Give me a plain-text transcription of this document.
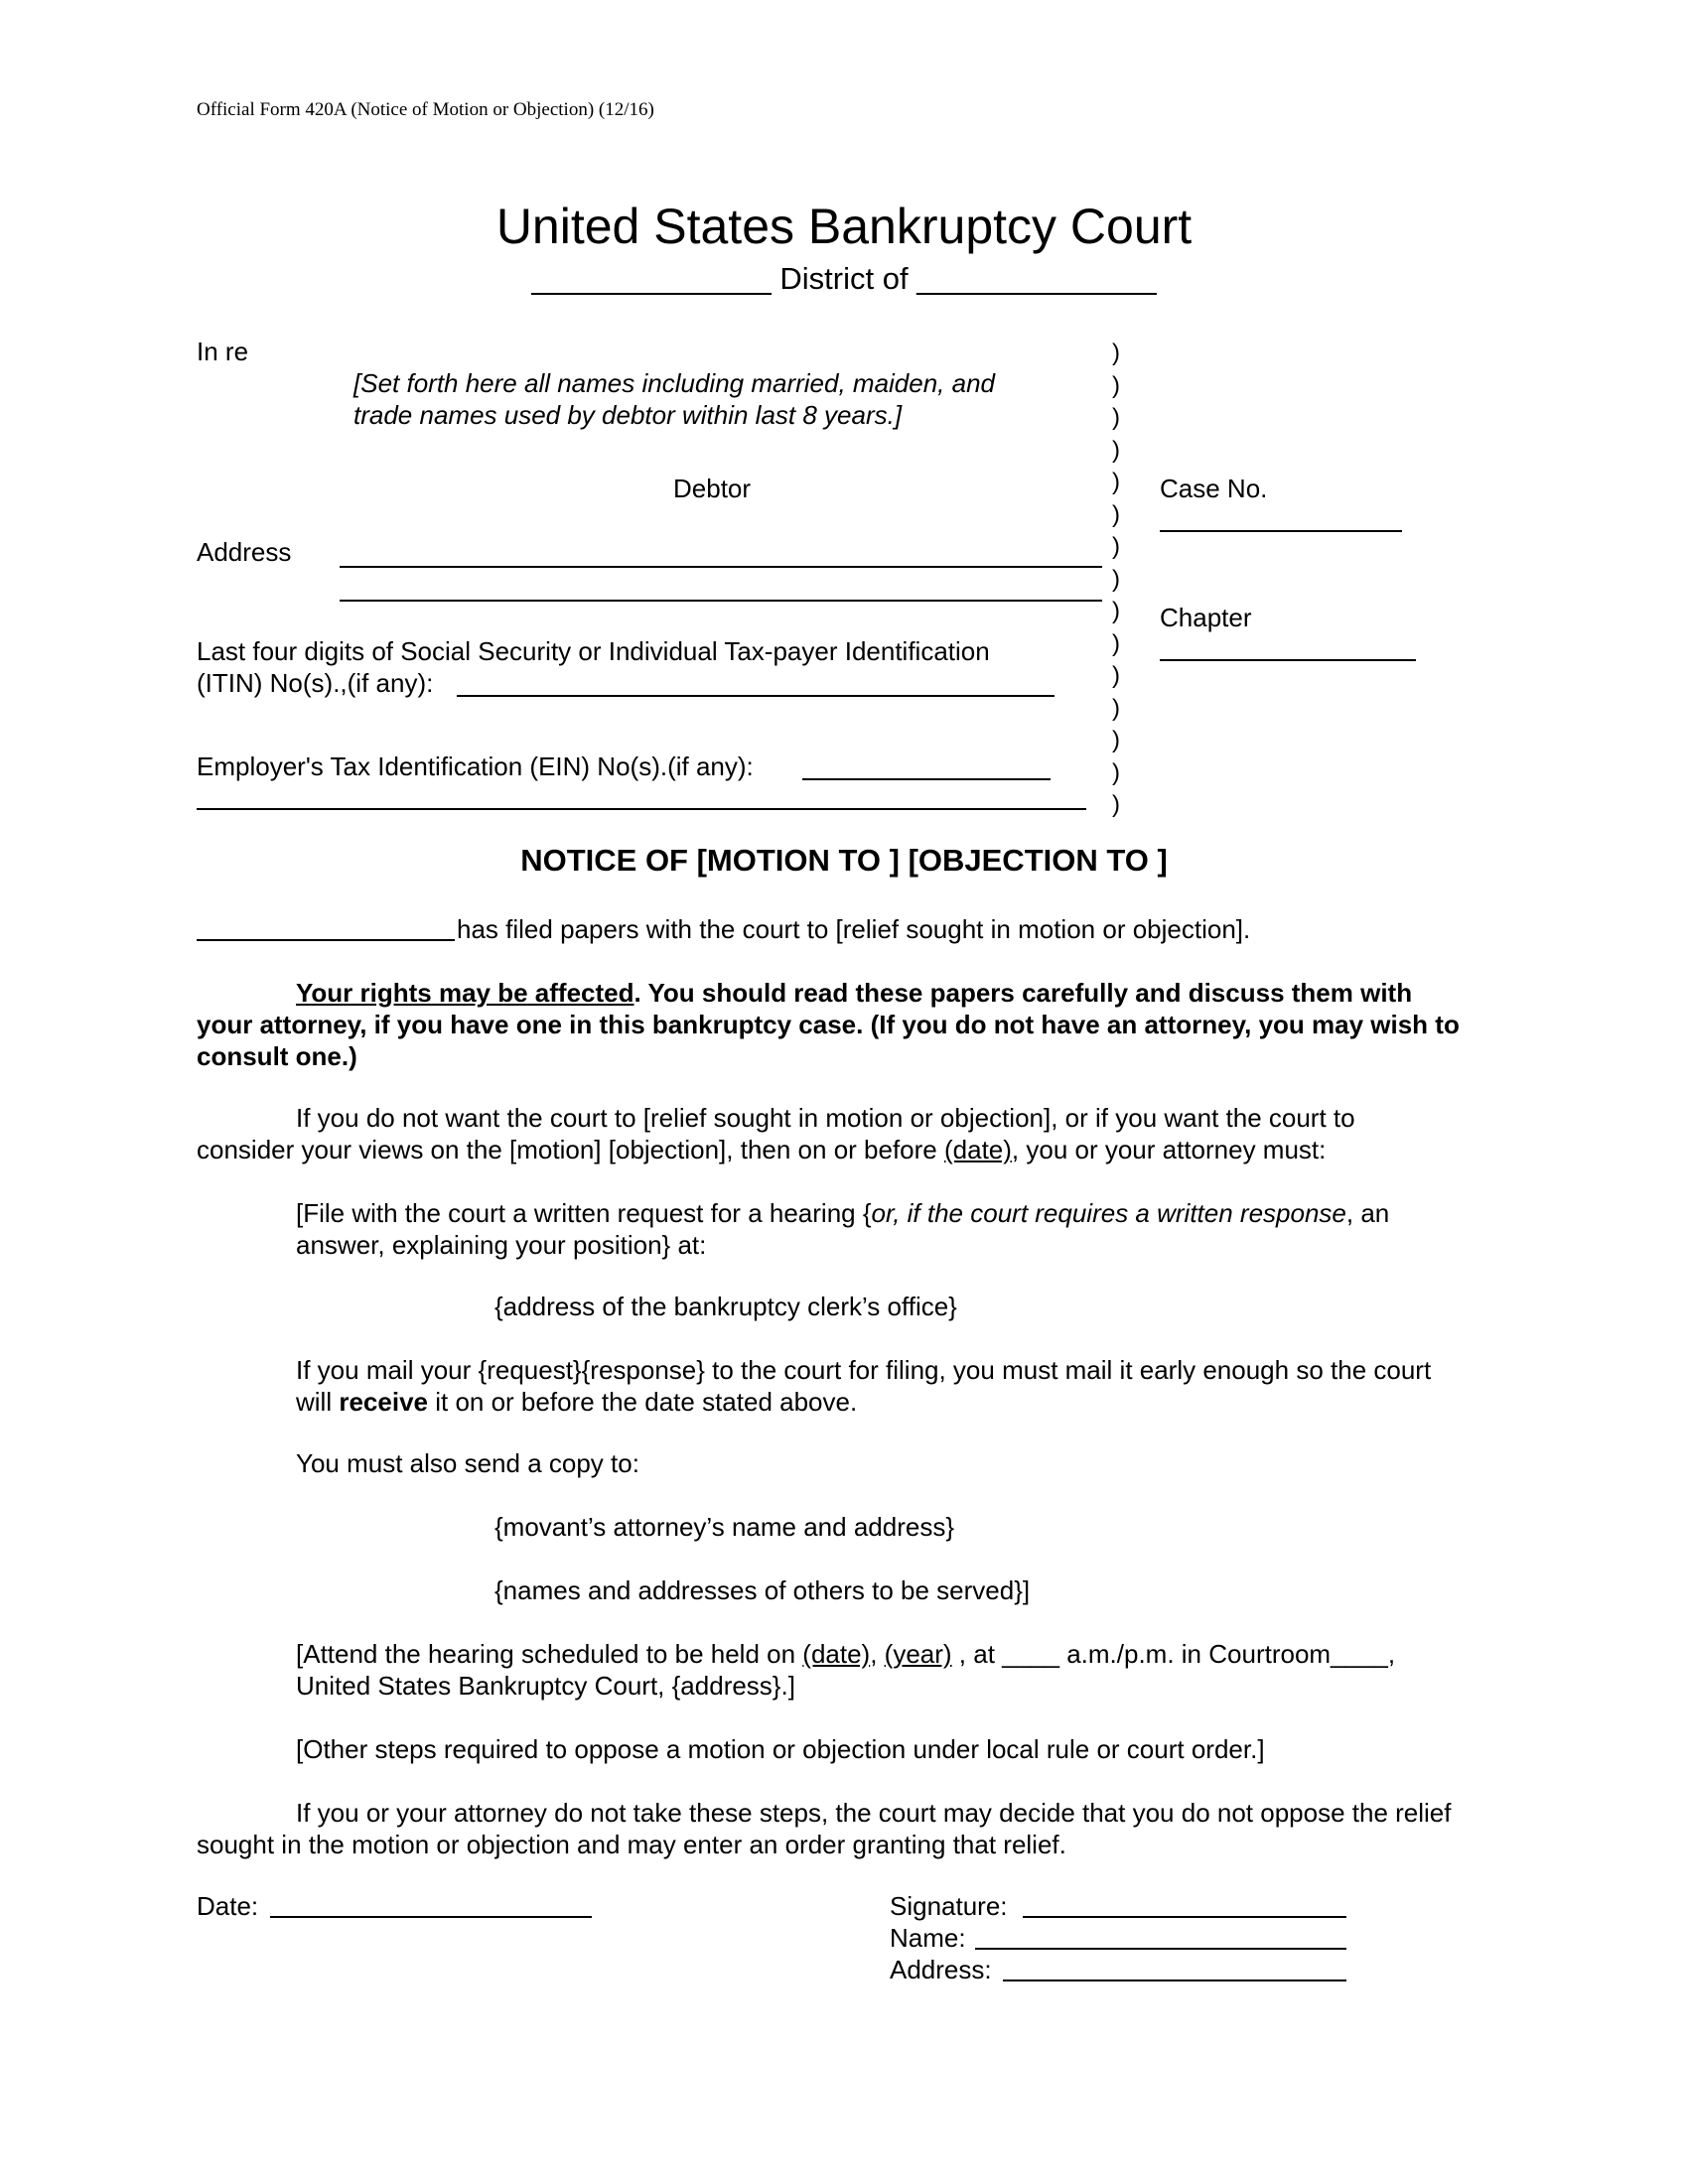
Official Form 420A (Notice of Motion or Objection) (12/16)
United States Bankruptcy Court
______________ District of ______________
In re
[Set forth here all names including married, maiden, and
trade names used by debtor within last 8 years.]
Debtor
Address
Last four digits of Social Security or Individual Tax-payer Identification
(ITIN) No(s).,(if any):
Employer's Tax Identification (EIN) No(s).(if any):
)
)
)
)
)
)
)
)
)
)
)
)
)
)
)
Case No.
Chapter
NOTICE OF [MOTION TO ] [OBJECTION TO ]
has filed papers with the court to [relief sought in motion or objection].
Your rights may be affected. You should read these papers carefully and discuss them with your attorney, if you have one in this bankruptcy case. (If you do not have an attorney, you may wish to consult one.)
If you do not want the court to [relief sought in motion or objection], or if you want the court to consider your views on the [motion] [objection], then on or before (date), you or your attorney must:
[File with the court a written request for a hearing {or, if the court requires a written response, an answer, explaining your position} at:
{address of the bankruptcy clerk’s office}
If you mail your {request}{response} to the court for filing, you must mail it early enough so the court will receive it on or before the date stated above.
You must also send a copy to:
{movant’s attorney’s name and address}
{names and addresses of others to be served}]
[Attend the hearing scheduled to be held on (date), (year) , at ____ a.m./p.m. in Courtroom____,
United States Bankruptcy Court, {address}.]
[Other steps required to oppose a motion or objection under local rule or court order.]
If you or your attorney do not take these steps, the court may decide that you do not oppose the relief sought in the motion or objection and may enter an order granting that relief.
Date:	Signature:
Name:
Address:
